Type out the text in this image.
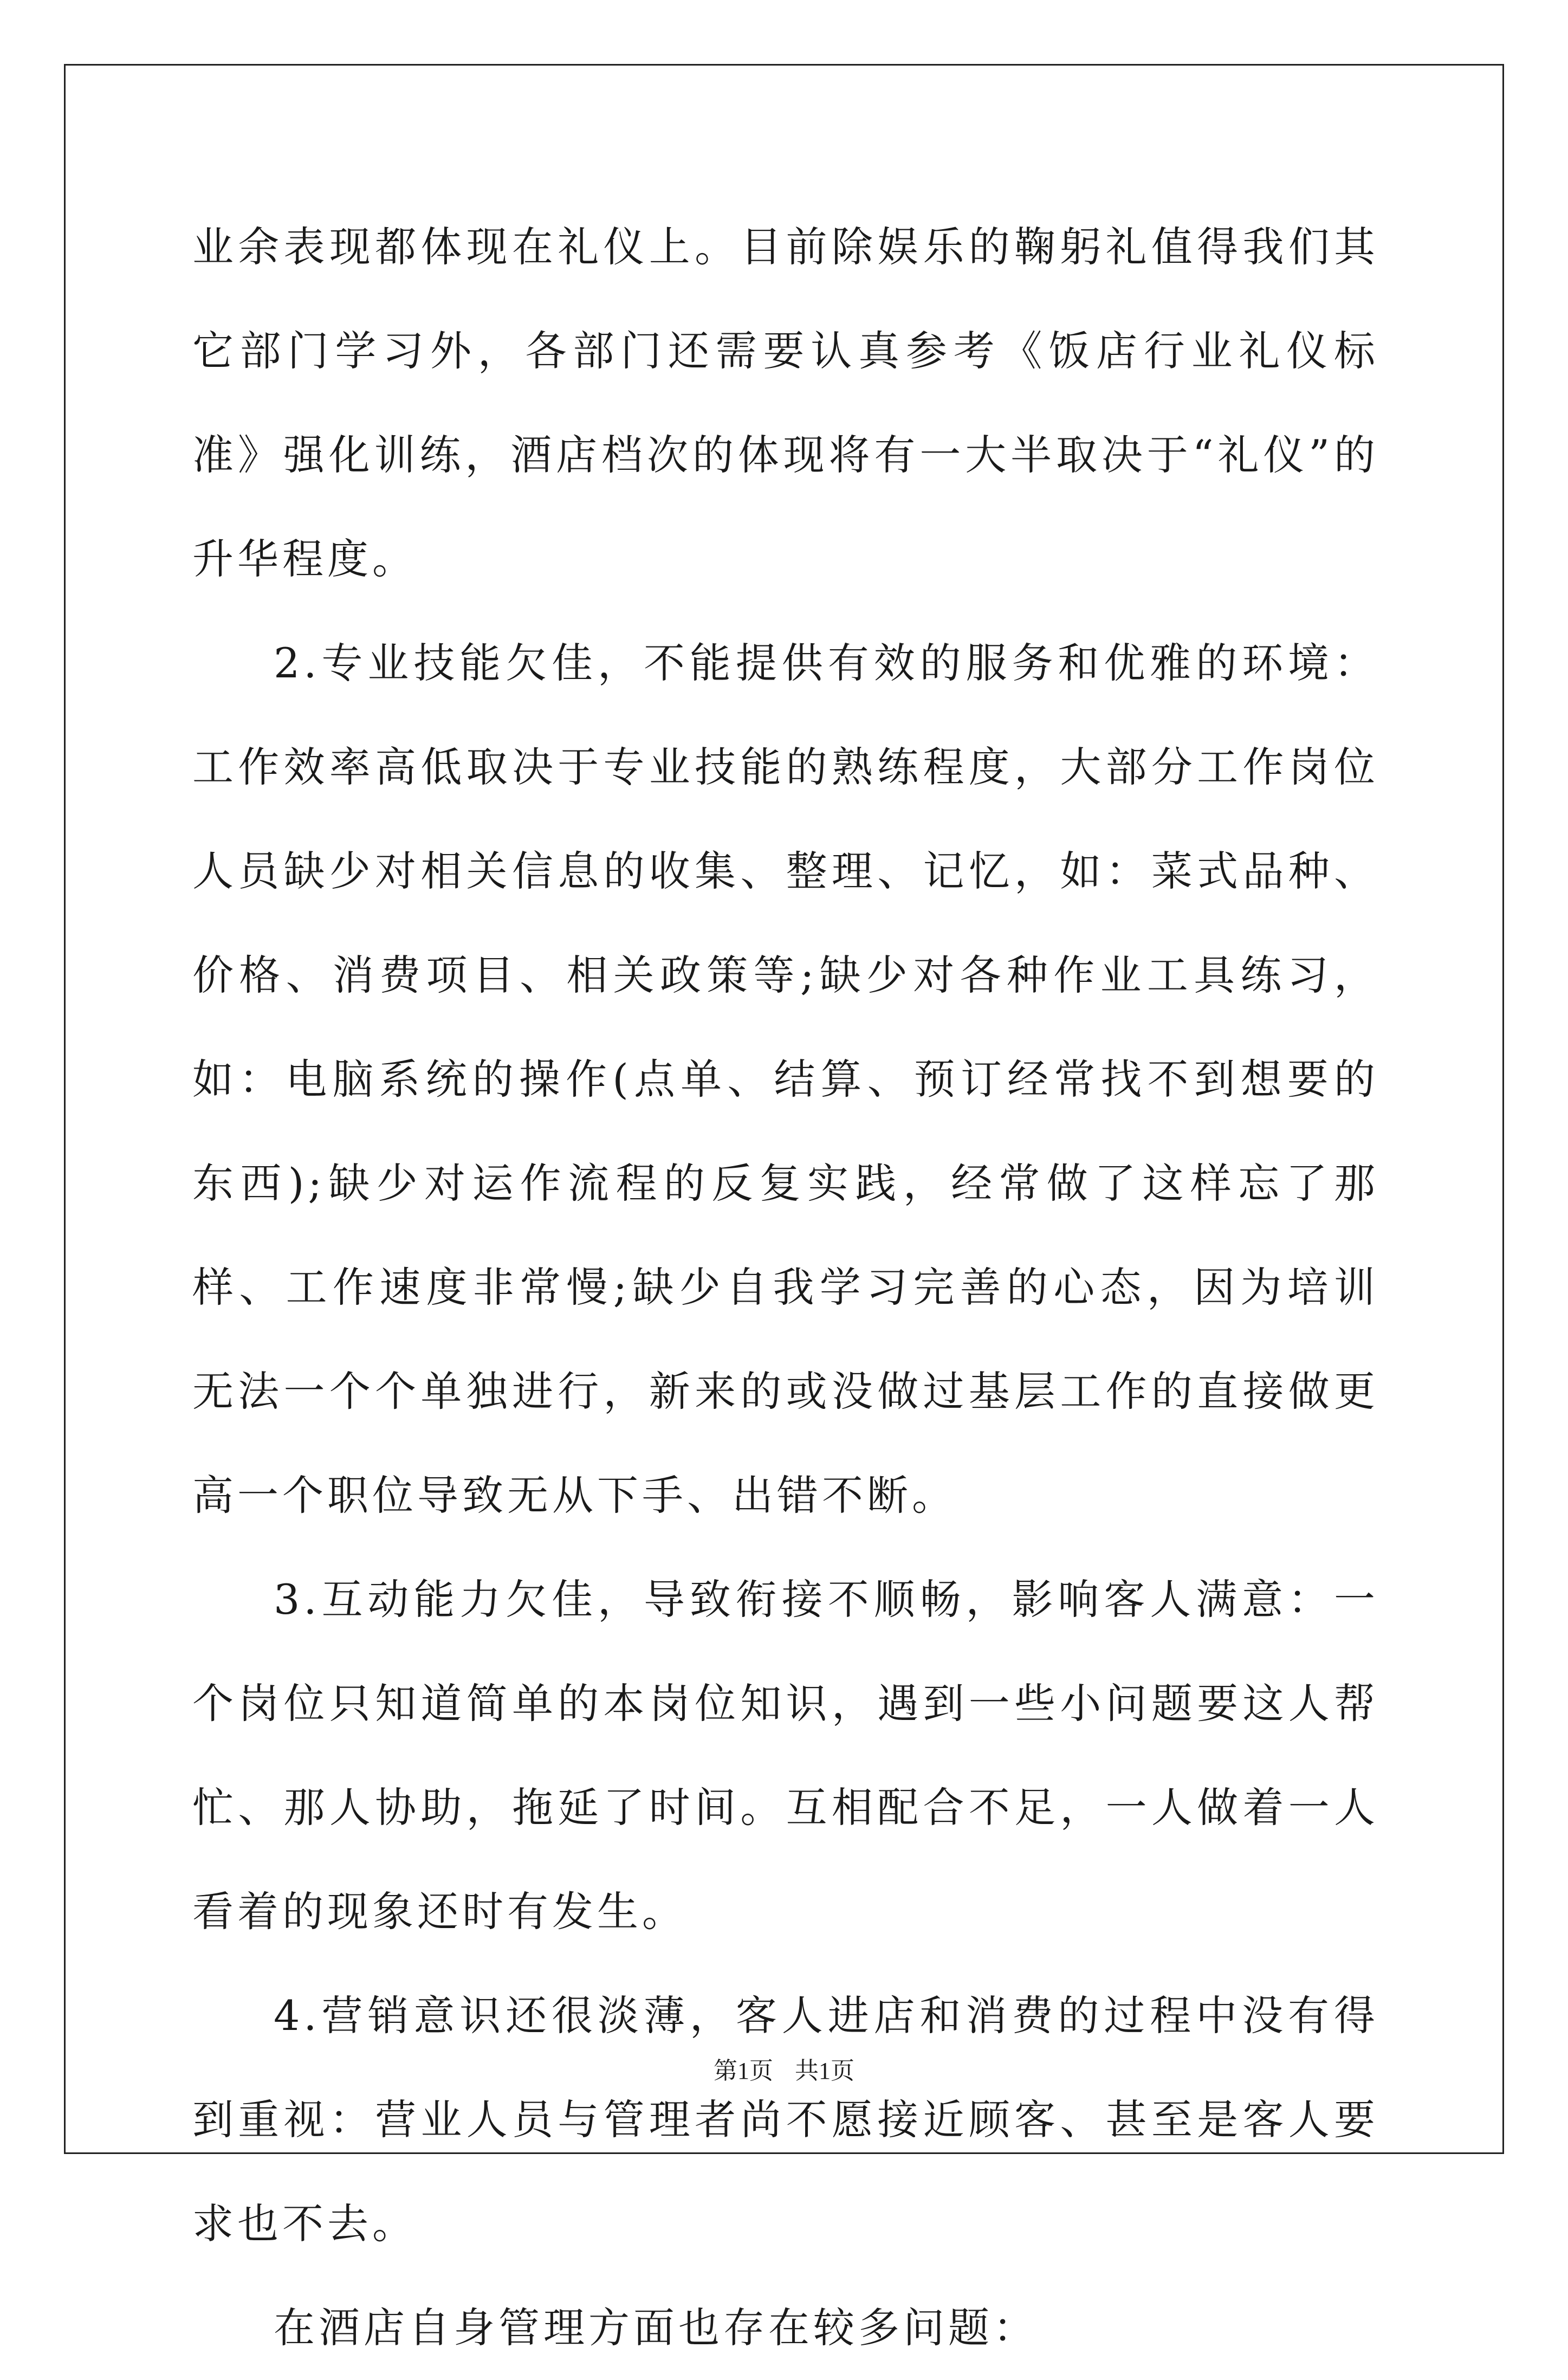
业余表现都体现在礼仪上。目前除娱乐的鞠躬礼值得我们其它部门学习外，各部门还需要认真参考《饭店行业礼仪标准》强化训练，酒店档次的体现将有一大半取决于“礼仪”的升华程度。

2.专业技能欠佳，不能提供有效的服务和优雅的环境：工作效率高低取决于专业技能的熟练程度，大部分工作岗位人员缺少对相关信息的收集、整理、记忆，如：菜式品种、价格、消费项目、相关政策等;缺少对各种作业工具练习，如：电脑系统的操作(点单、结算、预订经常找不到想要的东西);缺少对运作流程的反复实践，经常做了这样忘了那样、工作速度非常慢;缺少自我学习完善的心态，因为培训无法一个个单独进行，新来的或没做过基层工作的直接做更高一个职位导致无从下手、出错不断。

3.互动能力欠佳，导致衔接不顺畅，影响客人满意：一个岗位只知道简单的本岗位知识，遇到一些小问题要这人帮忙、那人协助，拖延了时间。互相配合不足，一人做着一人看着的现象还时有发生。

4.营销意识还很淡薄，客人进店和消费的过程中没有得到重视：营业人员与管理者尚不愿接近顾客、甚至是客人要求也不去。

在酒店自身管理方面也存在较多问题：

第1页 共1页
